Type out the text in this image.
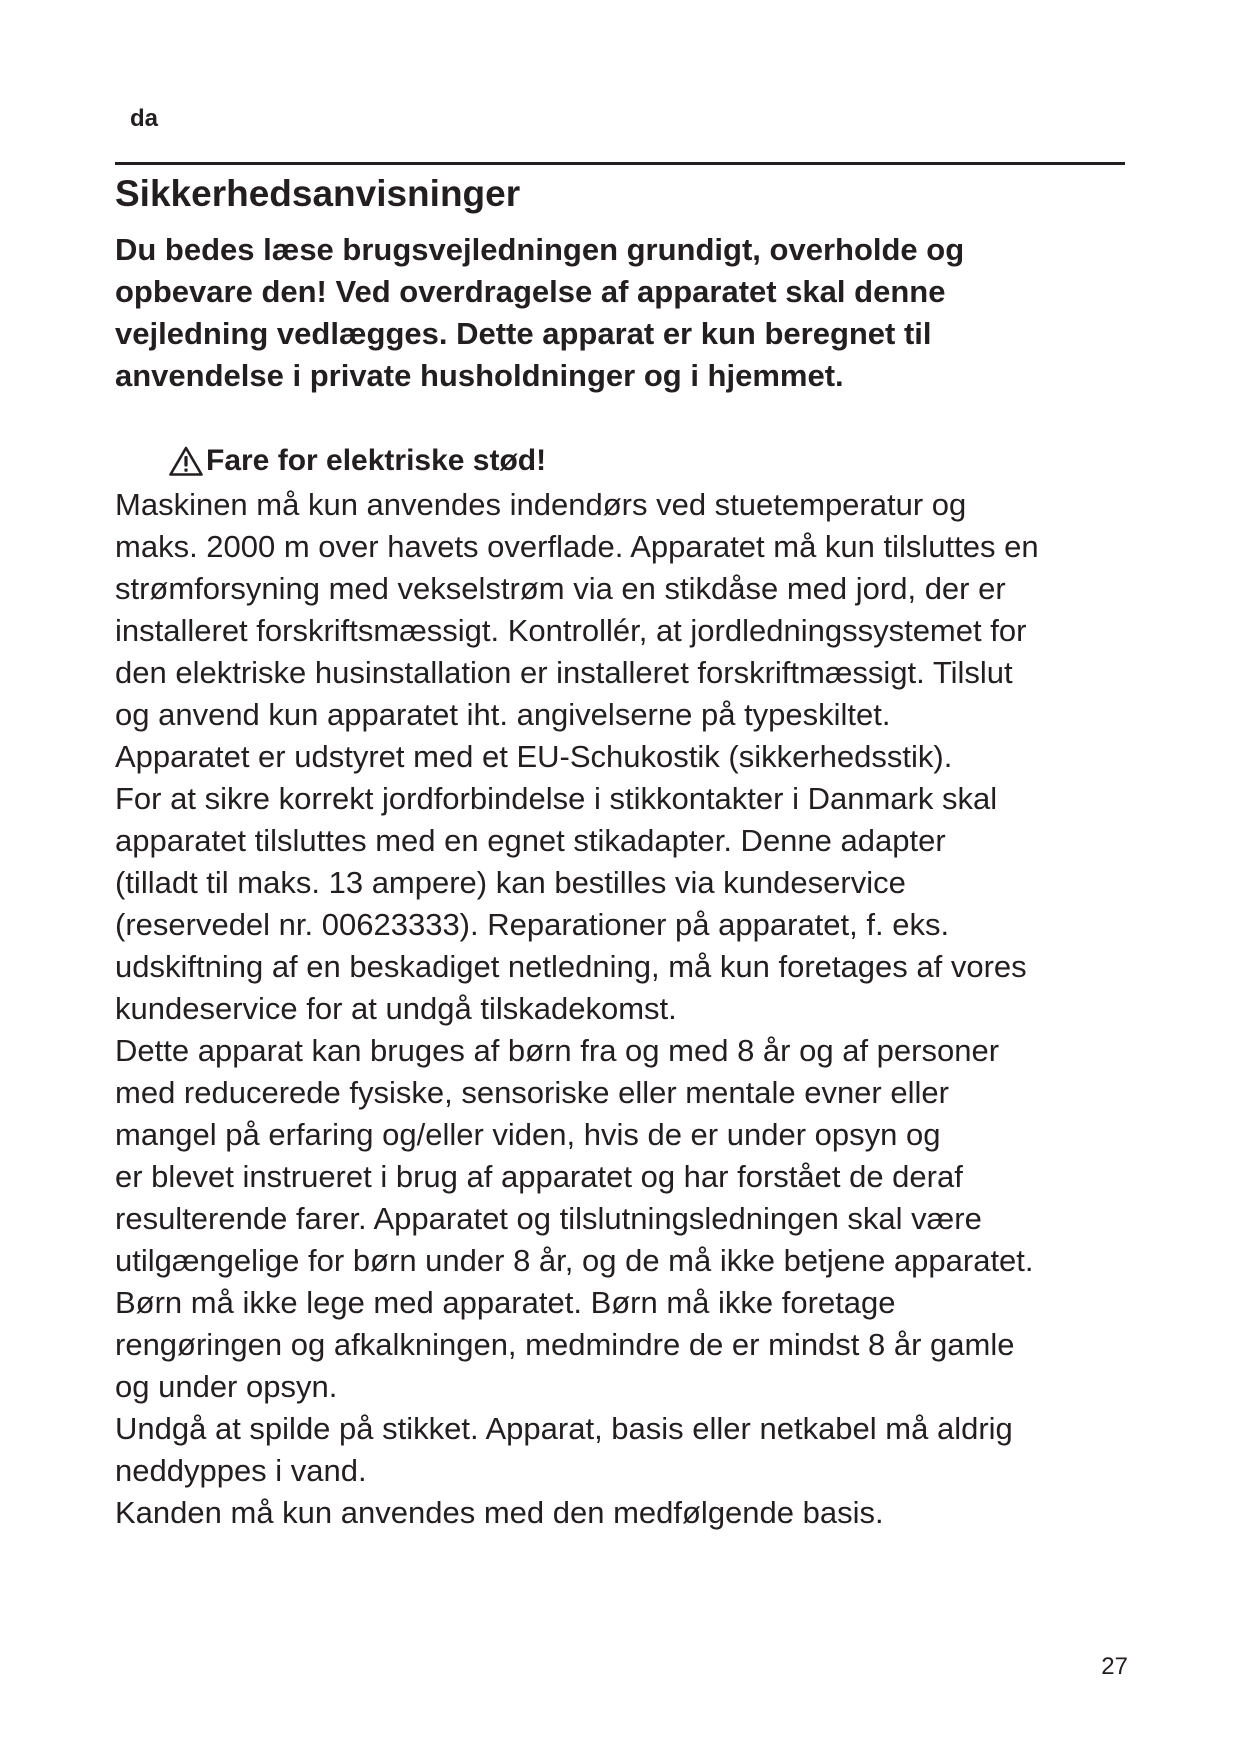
da
Sikkerhedsanvisninger
Du bedes læse brugsvejledningen grundigt, overholde og
opbevare den! Ved overdragelse af apparatet skal denne
vejledning vedlægges. Dette apparat er kun beregnet til
anvendelse i private husholdninger og i hjemmet.
Fare for elektriske stød!
Maskinen må kun anvendes indendørs ved stuetemperatur og
maks. 2000 m over havets overflade. Apparatet må kun tilsluttes en
strømforsyning med vekselstrøm via en stikdåse med jord, der er
installeret forskriftsmæssigt. Kontrollér, at jordledningssystemet for
den elektriske husinstallation er installeret forskriftmæssigt. Tilslut
og anvend kun apparatet iht. angivelserne på typeskiltet.
Apparatet er udstyret med et EU-Schukostik (sikkerhedsstik).
For at sikre korrekt jordforbindelse i stikkontakter i Danmark skal
apparatet tilsluttes med en egnet stikadapter. Denne adapter
(tilladt til maks. 13 ampere) kan bestilles via kundeservice
(reservedel nr. 00623333). Reparationer på apparatet, f. eks.
udskiftning af en beskadiget netledning, må kun foretages af vores
kundeservice for at undgå tilskadekomst.
Dette apparat kan bruges af børn fra og med 8 år og af personer
med reducerede fysiske, sensoriske eller mentale evner eller
mangel på erfaring og/eller viden, hvis de er under opsyn og
er blevet instrueret i brug af apparatet og har forstået de deraf
resulterende farer. Apparatet og tilslutningsledningen skal være
utilgængelige for børn under 8 år, og de må ikke betjene apparatet.
Børn må ikke lege med apparatet. Børn må ikke foretage
rengøringen og afkalkningen, medmindre de er mindst 8 år gamle
og under opsyn.
Undgå at spilde på stikket. Apparat, basis eller netkabel må aldrig
neddyppes i vand.
Kanden må kun anvendes med den medfølgende basis.
27
